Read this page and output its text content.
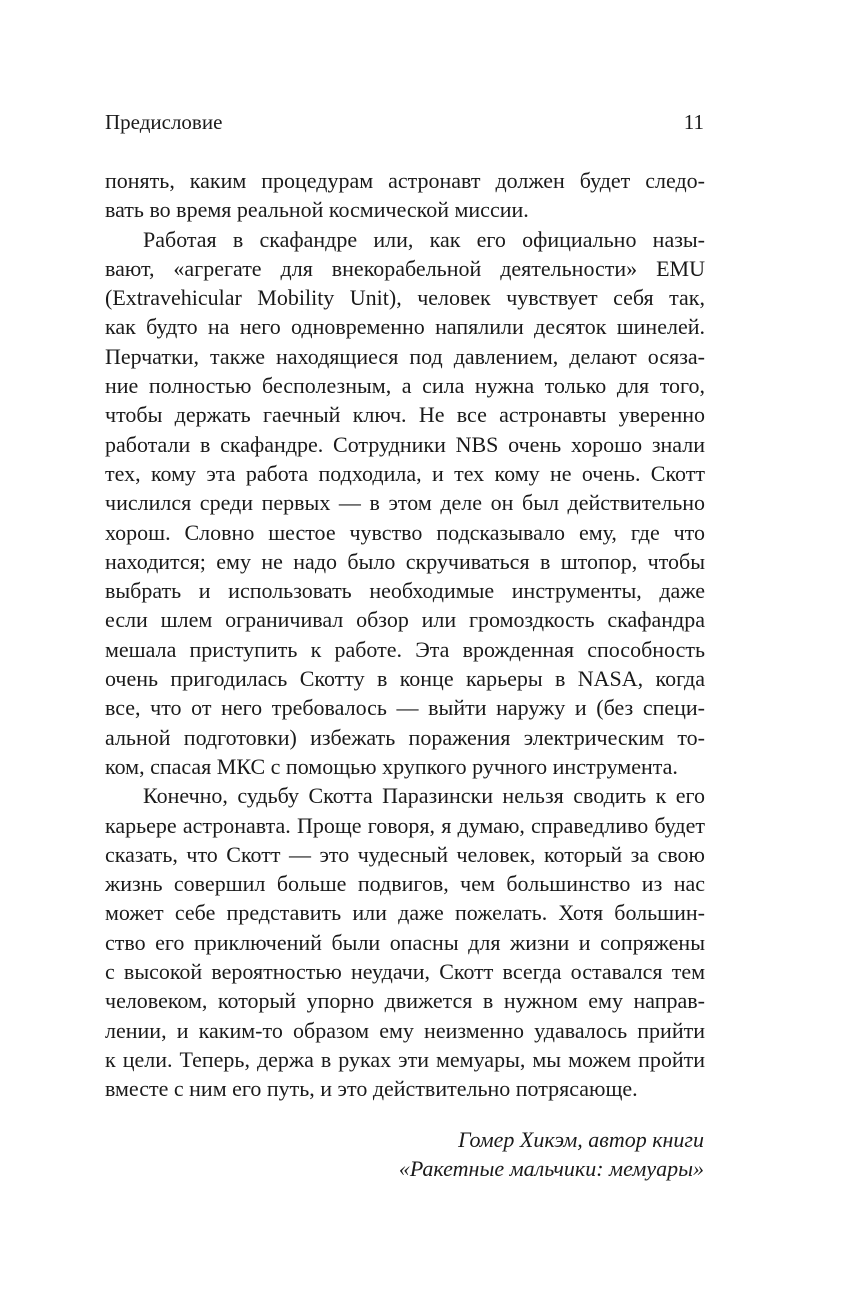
Предисловие	11
понять, каким процедурам астронавт должен будет следо-
вать во время реальной космической миссии.
Работая в скафандре или, как его официально назы-
вают, «агрегате для внекорабельной деятельности» EMU
(Extravehicular Mobility Unit), человек чувствует себя так,
как будто на него одновременно напялили десяток шинелей.
Перчатки, также находящиеся под давлением, делают осяза-
ние полностью бесполезным, а сила нужна только для того,
чтобы держать гаечный ключ. Не все астронавты уверенно
работали в скафандре. Сотрудники NBS очень хорошо знали
тех, кому эта работа подходила, и тех кому не очень. Скотт
числился среди первых — в этом деле он был действительно
хорош. Словно шестое чувство подсказывало ему, где что
находится; ему не надо было скручиваться в штопор, чтобы
выбрать и использовать необходимые инструменты, даже
если шлем ограничивал обзор или громоздкость скафандра
мешала приступить к работе. Эта врожденная способность
очень пригодилась Скотту в конце карьеры в NASA, когда
все, что от него требовалось — выйти наружу и (без специ-
альной подготовки) избежать поражения электрическим то-
ком, спасая МКС с помощью хрупкого ручного инструмента.
Конечно, судьбу Скотта Паразински нельзя сводить к его
карьере астронавта. Проще говоря, я думаю, справедливо будет
сказать, что Скотт — это чудесный человек, который за свою
жизнь совершил больше подвигов, чем большинство из нас
может себе представить или даже пожелать. Хотя большин-
ство его приключений были опасны для жизни и сопряжены
с высокой вероятностью неудачи, Скотт всегда оставался тем
человеком, который упорно движется в нужном ему направ-
лении, и каким-то образом ему неизменно удавалось прийти
к цели. Теперь, держа в руках эти мемуары, мы можем пройти
вместе с ним его путь, и это действительно потрясающе.
Гомер Хикэм, автор книги
«Ракетные мальчики: мемуары»
